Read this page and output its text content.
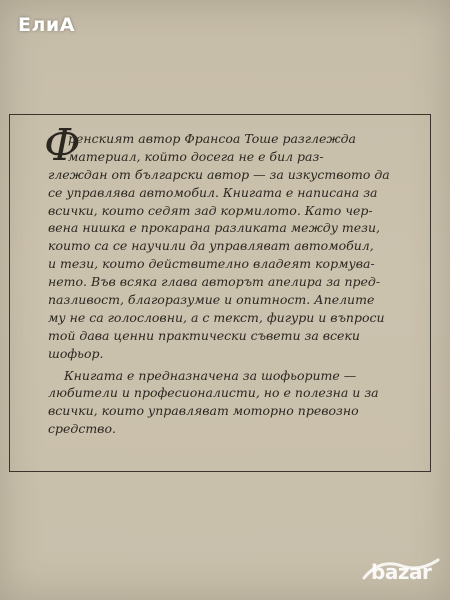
ЕлиА
Ф
ренският автор Франсоа Toше разглежда
материал, който досега не е бил раз-
глеждан от български автор — за изкуството да
се управлява автомобил. Книгата е написана за
всички, които седят зад кормилото. Като чер-
вена нишка е прокарана разликата между тези,
които са се научили да управляват автомобил,
и тези, които действително владеят кормува-
нето. Във всяка глава авторът апелира за пред-
пазливост, благоразумие и опитност. Апелите
му не са голословни, а с текст, фигури и въпроси
той дава ценни практически съвети за всеки
шофьор.
Книгата е предназначена за шофьорите —
любители и професионалисти, но е полезна и за
всички, които управляват моторно превозно
средство.
bazar
